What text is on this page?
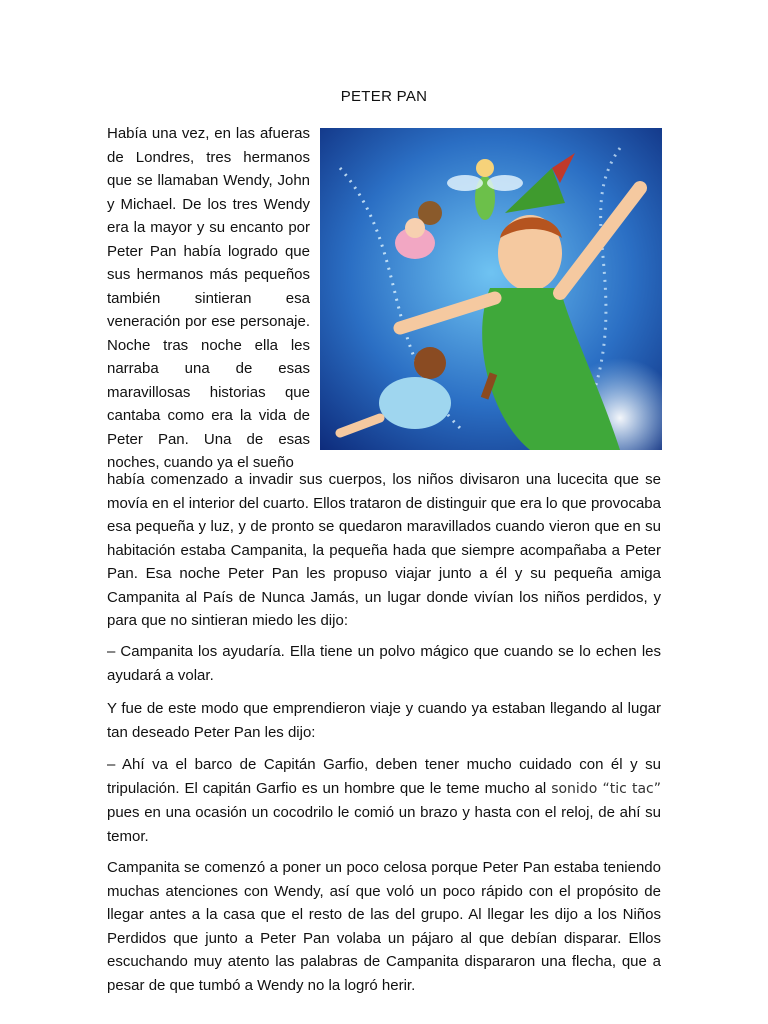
PETER PAN

Había una vez, en las afueras de Londres, tres hermanos que se llamaban Wendy, John y Michael. De los tres Wendy era la mayor y su encanto por Peter Pan había logrado que sus hermanos más pequeños también sintieran esa veneración por ese personaje. Noche tras noche ella les narraba una de esas maravillosas historias que cantaba como era la vida de Peter Pan. Una de esas noches, cuando ya el sueño

había comenzado a invadir sus cuerpos, los niños divisaron una lucecita que se movía en el interior del cuarto. Ellos trataron de distinguir que era lo que provocaba esa pequeña y luz, y de pronto se quedaron maravillados cuando vieron que en su habitación estaba Campanita, la pequeña hada que siempre acompañaba a Peter Pan. Esa noche Peter Pan les propuso viajar junto a él y su pequeña amiga Campanita al País de Nunca Jamás, un lugar donde vivían los niños perdidos, y para que no sintieran miedo les dijo:

– Campanita los ayudaría. Ella tiene un polvo mágico que cuando se lo echen les ayudará a volar.

Y fue de este modo que emprendieron viaje y cuando ya estaban llegando al lugar tan deseado Peter Pan les dijo:

– Ahí va el barco de Capitán Garfio, deben tener mucho cuidado con él y su tripulación. El capitán Garfio es un hombre que le teme mucho al sonido “tic tac” pues en una ocasión un cocodrilo le comió un brazo y hasta con el reloj, de ahí su temor.

Campanita se comenzó a poner un poco celosa porque Peter Pan estaba teniendo muchas atenciones con Wendy, así que voló un poco rápido con el propósito de llegar antes a la casa que el resto de las del grupo. Al llegar les dijo a los Niños Perdidos que junto a Peter Pan volaba un pájaro al que debían disparar. Ellos escuchando muy atento las palabras de Campanita dispararon una flecha, que a pesar de que tumbó a Wendy no la logró herir.
